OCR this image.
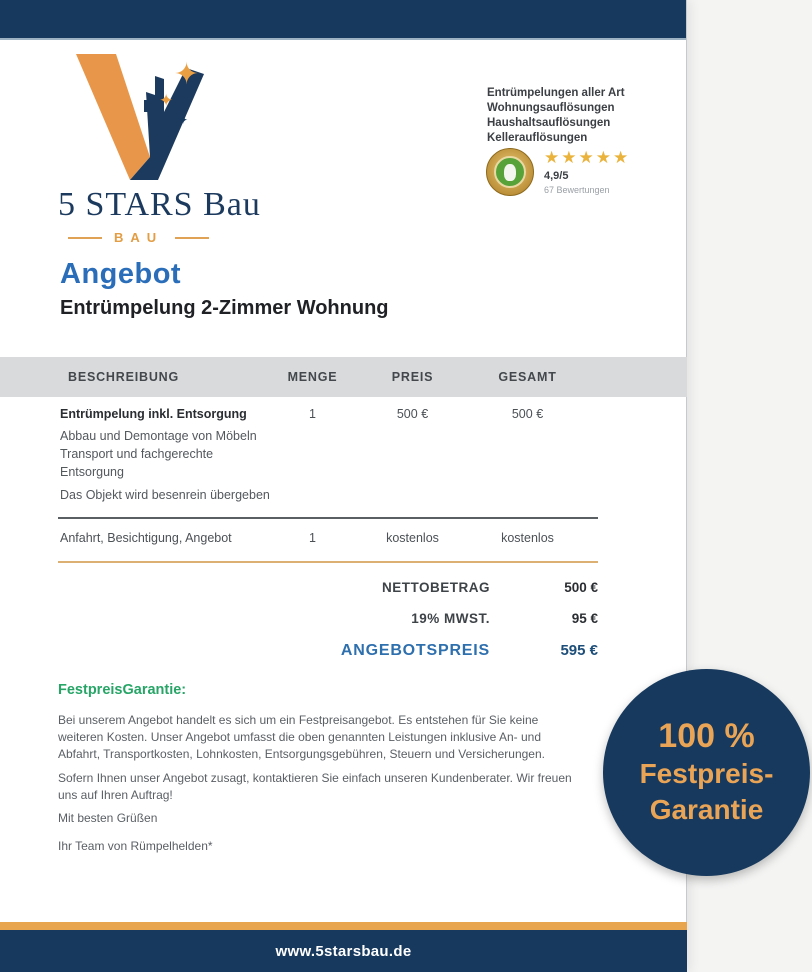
✦
✦
✦
5 STARS Bau
BAU
Entrümpelungen aller Art
Wohnungsauflösungen
Haushaltsauflösungen
Kellerauflösungen
★★★★★
4,9/5
67 Bewertungen
Angebot
Entrümpelung 2-Zimmer Wohnung
BESCHREIBUNG	MENGE	PREIS	GESAMT
Entrümpelung inkl. Entsorgung
Abbau und Demontage von Möbeln
Transport und fachgerechte
Entsorgung
1	500 €	500 €
Das Objekt wird besenrein übergeben
Anfahrt, Besichtigung, Angebot	1	kostenlos	kostenlos
NETTOBETRAG	500 €
19% MWST.	95 €
ANGEBOTSPREIS	595 €
FestpreisGarantie:
Bei unserem Angebot handelt es sich um ein Festpreisangebot. Es entstehen für Sie keine weiteren Kosten. Unser Angebot umfasst die oben genannten Leistungen inklusive An- und Abfahrt, Transportkosten, Lohnkosten, Entsorgungsgebühren, Steuern und Versicherungen.
Sofern Ihnen unser Angebot zusagt, kontaktieren Sie einfach unseren Kundenberater. Wir freuen uns auf Ihren Auftrag!
Mit besten Grüßen
Ihr Team von Rümpelhelden*
www.5starsbau.de
100 %
Festpreis-
Garantie
